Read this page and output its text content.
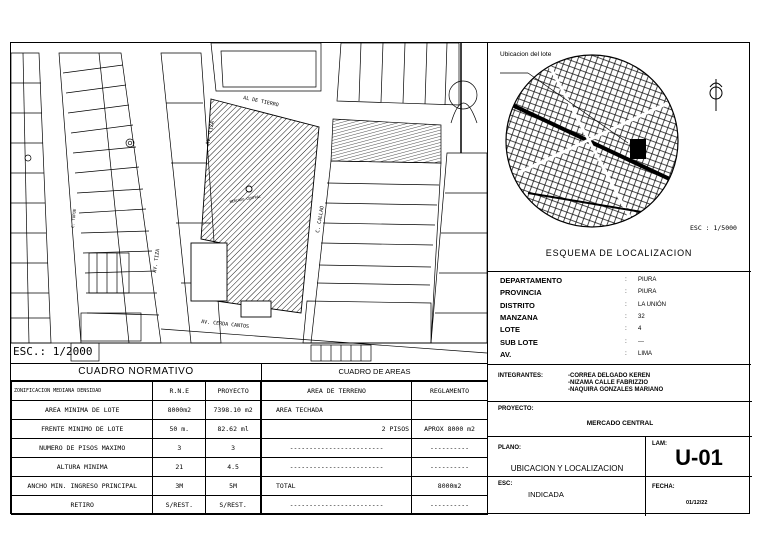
AL DE TIERRO
AV. TIZA
AV. TIZA
C. CALLAO
AV. CERDA CANTOS
C. TUPUE
MERCADO CENTRAL
ESC.: 1/2000
Ubicacion del lote
ESC : 1/5000
ESQUEMA DE LOCALIZACION
DEPARTAMENTO	: PIURA
PROVINCIA	: PIURA
DISTRITO	: LA UNIÓN
MANZANA	: 32
LOTE	: 4
SUB LOTE	: ---
AV.	: LIMA
CUADRO NORMATIVO
ZONIFICACION MEDIANA DENSIDAD	R.N.E	PROYECTO
AREA MINIMA DE LOTE	8000m2	7398.10 m2
FRENTE MINIMO DE LOTE	50 m.	82.62 ml
NUMERO DE PISOS MAXIMO	3	3
ALTURA MINIMA	21	4.5
ANCHO MIN. INGRESO PRINCIPAL	3M	5M
RETIRO	S/REST.	S/REST.
CUADRO DE AREAS
AREA DE TERRENO	REGLAMENTO
AREA TECHADA	
2 PISOS	APROX 8000 m2
------------------------	----------
------------------------	----------
TOTAL	8000m2
------------------------	----------
INTEGRANTES:	-CORREA DELGADO KEREN
-NIZAMA CALLE FABRIZZIO
-NAQUIRA GONZALES MARIANO
PROYECTO:
MERCADO CENTRAL
PLANO:
UBICACION Y LOCALIZACION
LAM:
U-01
ESC:
INDICADA
FECHA:
01/12/22
